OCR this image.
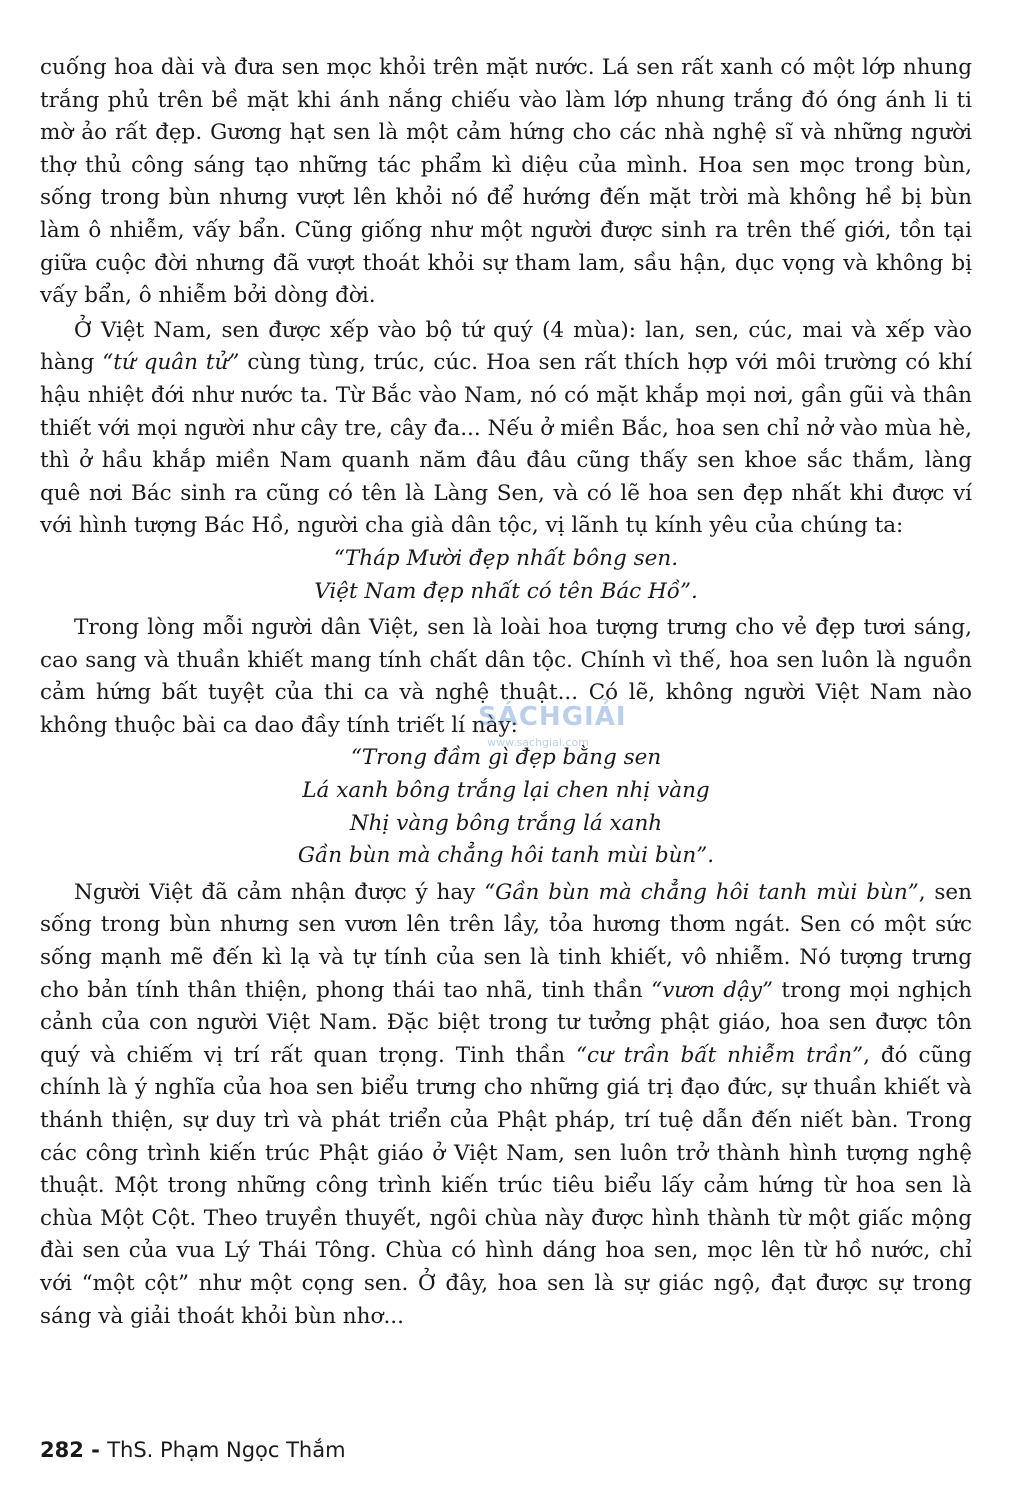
cuống hoa dài và đưa sen mọc khỏi trên mặt nước. Lá sen rất xanh có một lớp nhung trắng phủ trên bề mặt khi ánh nắng chiếu vào làm lớp nhung trắng đó óng ánh li ti mờ ảo rất đẹp. Gương hạt sen là một cảm hứng cho các nhà nghệ sĩ và những người thợ thủ công sáng tạo những tác phẩm kì diệu của mình. Hoa sen mọc trong bùn, sống trong bùn nhưng vượt lên khỏi nó để hướng đến mặt trời mà không hề bị bùn làm ô nhiễm, vấy bẩn. Cũng giống như một người được sinh ra trên thế giới, tồn tại giữa cuộc đời nhưng đã vượt thoát khỏi sự tham lam, sầu hận, dục vọng và không bị vấy bẩn, ô nhiễm bởi dòng đời.

Ở Việt Nam, sen được xếp vào bộ tứ quý (4 mùa): lan, sen, cúc, mai và xếp vào hàng “tứ quân tử” cùng tùng, trúc, cúc. Hoa sen rất thích hợp với môi trường có khí hậu nhiệt đới như nước ta. Từ Bắc vào Nam, nó có mặt khắp mọi nơi, gần gũi và thân thiết với mọi người như cây tre, cây đa... Nếu ở miền Bắc, hoa sen chỉ nở vào mùa hè, thì ở hầu khắp miền Nam quanh năm đâu đâu cũng thấy sen khoe sắc thắm, làng quê nơi Bác sinh ra cũng có tên là Làng Sen, và có lẽ hoa sen đẹp nhất khi được ví với hình tượng Bác Hồ, người cha già dân tộc, vị lãnh tụ kính yêu của chúng ta:

“Tháp Mười đẹp nhất bông sen.
Việt Nam đẹp nhất có tên Bác Hồ”.

Trong lòng mỗi người dân Việt, sen là loài hoa tượng trưng cho vẻ đẹp tươi sáng, cao sang và thuần khiết mang tính chất dân tộc. Chính vì thế, hoa sen luôn là nguồn cảm hứng bất tuyệt của thi ca và nghệ thuật... Có lẽ, không người Việt Nam nào không thuộc bài ca dao đầy tính triết lí này:

“Trong đầm gì đẹp bằng sen
Lá xanh bông trắng lại chen nhị vàng
Nhị vàng bông trắng lá xanh
Gần bùn mà chẳng hôi tanh mùi bùn”.

Người Việt đã cảm nhận được ý hay “Gần bùn mà chẳng hôi tanh mùi bùn”, sen sống trong bùn nhưng sen vươn lên trên lầy, tỏa hương thơm ngát. Sen có một sức sống mạnh mẽ đến kì lạ và tự tính của sen là tinh khiết, vô nhiễm. Nó tượng trưng cho bản tính thân thiện, phong thái tao nhã, tinh thần “vươn dậy” trong mọi nghịch cảnh của con người Việt Nam. Đặc biệt trong tư tưởng phật giáo, hoa sen được tôn quý và chiếm vị trí rất quan trọng. Tinh thần “cư trần bất nhiễm trần”, đó cũng chính là ý nghĩa của hoa sen biểu trưng cho những giá trị đạo đức, sự thuần khiết và thánh thiện, sự duy trì và phát triển của Phật pháp, trí tuệ dẫn đến niết bàn. Trong các công trình kiến trúc Phật giáo ở Việt Nam, sen luôn trở thành hình tượng nghệ thuật. Một trong những công trình kiến trúc tiêu biểu lấy cảm hứng từ hoa sen là chùa Một Cột. Theo truyền thuyết, ngôi chùa này được hình thành từ một giấc mộng đài sen của vua Lý Thái Tông. Chùa có hình dáng hoa sen, mọc lên từ hồ nước, chỉ với “một cột” như một cọng sen. Ở đây, hoa sen là sự giác ngộ, đạt được sự trong sáng và giải thoát khỏi bùn nhơ...

SÁCHGIẢI
www.sachgiai.com
282 - ThS. Phạm Ngọc Thắm
